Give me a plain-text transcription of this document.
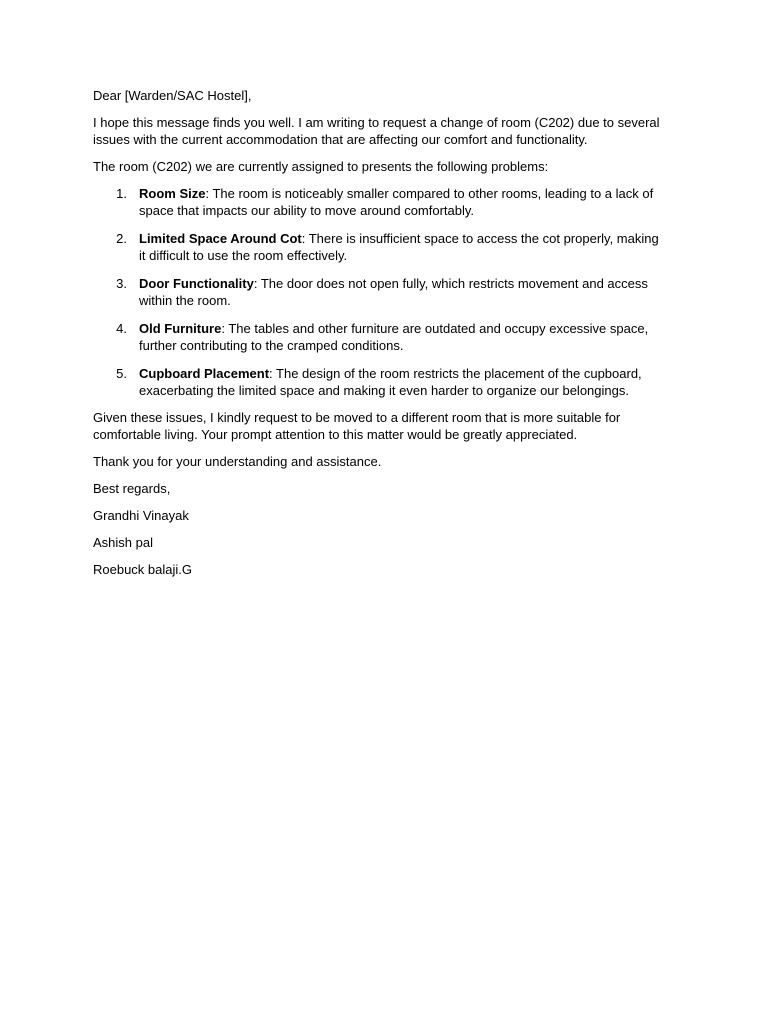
Dear [Warden/SAC Hostel],

I hope this message finds you well. I am writing to request a change of room (C202) due to several issues with the current accommodation that are affecting our comfort and functionality.

The room (C202) we are currently assigned to presents the following problems:

1. Room Size: The room is noticeably smaller compared to other rooms, leading to a lack of space that impacts our ability to move around comfortably.
2. Limited Space Around Cot: There is insufficient space to access the cot properly, making it difficult to use the room effectively.
3. Door Functionality: The door does not open fully, which restricts movement and access within the room.
4. Old Furniture: The tables and other furniture are outdated and occupy excessive space, further contributing to the cramped conditions.
5. Cupboard Placement: The design of the room restricts the placement of the cupboard, exacerbating the limited space and making it even harder to organize our belongings.

Given these issues, I kindly request to be moved to a different room that is more suitable for comfortable living. Your prompt attention to this matter would be greatly appreciated.

Thank you for your understanding and assistance.

Best regards,

Grandhi Vinayak

Ashish pal

Roebuck balaji.G
